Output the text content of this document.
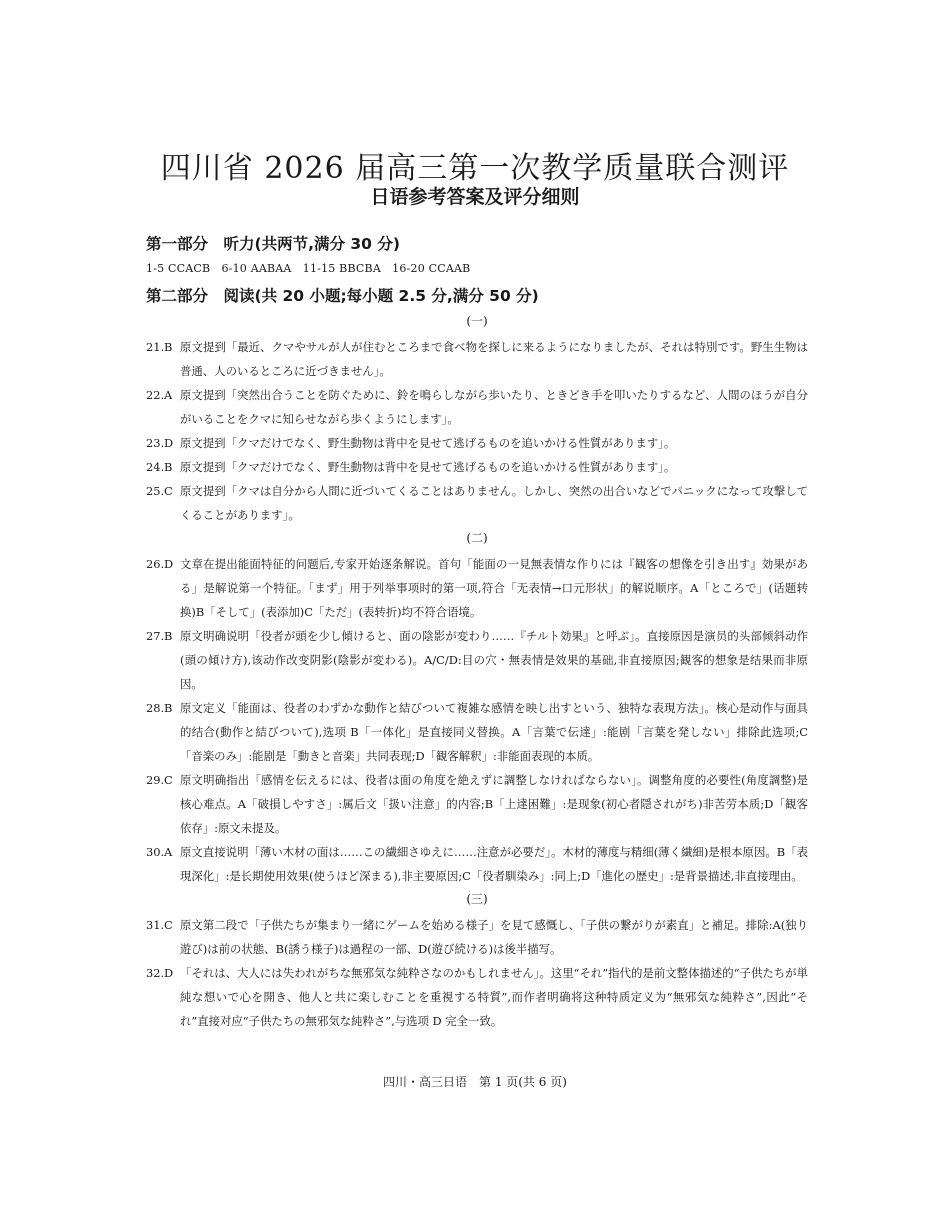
四川省 2026 届高三第一次教学质量联合测评
日语参考答案及评分细则
第一部分　听力(共两节,满分 30 分)
1-5 CCACB　6-10 AABAA　11-15 BBCBA　16-20 CCAAB
第二部分　阅读(共 20 小题;每小题 2.5 分,满分 50 分)
(一)
21. B 原文提到「最近、クマやサルが人が住むところまで食べ物を探しに来るようになりましたが、それは特別です。野生生物は普通、人のいるところに近づきません」。
22. A 原文提到「突然出合うことを防ぐために、鈴を鳴らしながら歩いたり、ときどき手を叩いたりするなど、人間のほうが自分がいることをクマに知らせながら歩くようにします」。
23. D 原文提到「クマだけでなく、野生動物は背中を見せて逃げるものを追いかける性質があります」。
24. B 原文提到「クマだけでなく、野生動物は背中を見せて逃げるものを追いかける性質があります」。
25. C 原文提到「クマは自分から人間に近づいてくることはありません。しかし、突然の出合いなどでパニックになって攻撃してくることがあります」。
(二)
26. D 文章在提出能面特征的问题后,专家开始逐条解说。首句「能面の一見無表情な作りには『観客の想像を引き出す』効果がある」是解说第一个特征。「まず」用于列举事项时的第一项,符合「无表情→口元形状」的解说顺序。A「ところで」(话题转换)B「そして」(表添加)C「ただ」(表转折)均不符合语境。
27. B 原文明确说明「役者が頭を少し傾けると、面の陰影が変わり……『チルト効果』と呼ぶ」。直接原因是演员的头部倾斜动作(頭の傾け方),该动作改变阴影(陰影が変わる)。A/C/D:目の穴・無表情是效果的基础,非直接原因;観客的想象是结果而非原因。
28. B 原文定义「能面は、役者のわずかな動作と結びついて複雑な感情を映し出すという、独特な表現方法」。核心是动作与面具的结合(動作と結びついて),选项 B「一体化」是直接同义替换。A「言葉で伝達」:能剧「言葉を発しない」排除此选项;C「音楽のみ」:能剧是「動きと音楽」共同表现;D「観客解釈」:非能面表现的本质。
29. C 原文明确指出「感情を伝えるには、役者は面の角度を絶えずに調整しなければならない」。调整角度的必要性(角度調整)是核心难点。A「破損しやすさ」:属后文「扱い注意」的内容;B「上達困難」:是现象(初心者隠されがち)非苦劳本质;D「観客依存」:原文未提及。
30. A 原文直接说明「薄い木材の面は……この繊細さゆえに……注意が必要だ」。木材的薄度与精细(薄く繊細)是根本原因。B「表現深化」:是长期使用效果(使うほど深まる),非主要原因;C「役者馴染み」:同上;D「進化の歴史」:是背景描述,非直接理由。
(三)
31. C 原文第二段で「子供たちが集まり一緒にゲームを始める様子」を見て感慨し、「子供の繋がりが素直」と補足。排除:A(独り遊び)は前の状態、B(誘う様子)は過程の一部、D(遊び続ける)は後半描写。
32. D 「それは、大人には失われがちな無邪気な純粋さなのかもしれません」。这里“それ”指代的是前文整体描述的“子供たちが単純な想いで心を開き、他人と共に楽しむことを重視する特質”,而作者明确将这种特质定义为“無邪気な純粋さ”,因此“それ”直接对应“子供たちの無邪気な純粋さ”,与选项 D 完全一致。
四川・高三日语　第 1 页(共 6 页)
